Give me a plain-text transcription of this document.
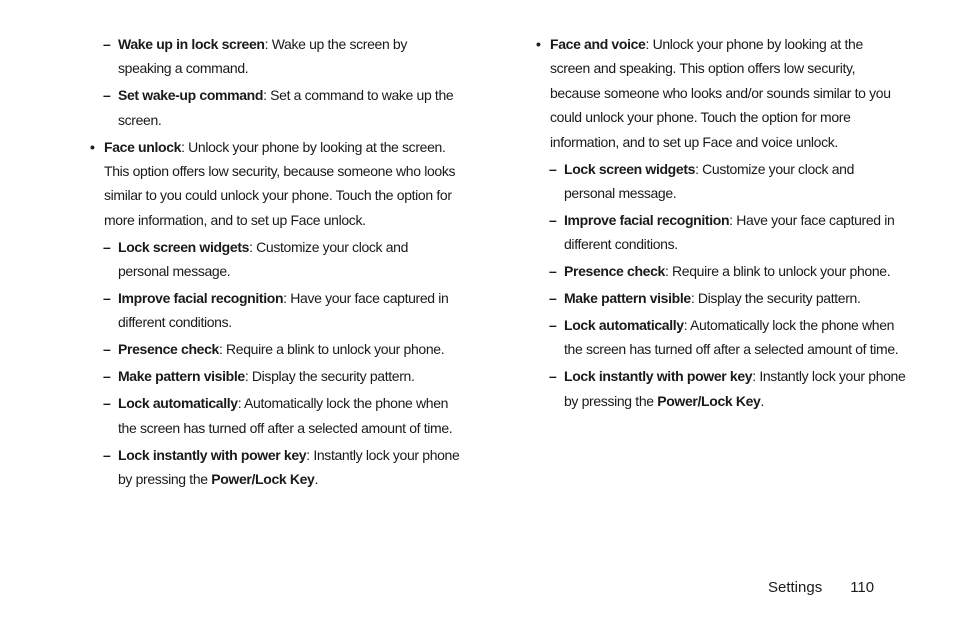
– Wake up in lock screen: Wake up the screen by speaking a command.
– Set wake-up command: Set a command to wake up the screen.
• Face unlock: Unlock your phone by looking at the screen. This option offers low security, because someone who looks similar to you could unlock your phone. Touch the option for more information, and to set up Face unlock.
– Lock screen widgets: Customize your clock and personal message.
– Improve facial recognition: Have your face captured in different conditions.
– Presence check: Require a blink to unlock your phone.
– Make pattern visible: Display the security pattern.
– Lock automatically: Automatically lock the phone when the screen has turned off after a selected amount of time.
– Lock instantly with power key: Instantly lock your phone by pressing the Power/Lock Key.
• Face and voice: Unlock your phone by looking at the screen and speaking. This option offers low security, because someone who looks and/or sounds similar to you could unlock your phone. Touch the option for more information, and to set up Face and voice unlock.
– Lock screen widgets: Customize your clock and personal message.
– Improve facial recognition: Have your face captured in different conditions.
– Presence check: Require a blink to unlock your phone.
– Make pattern visible: Display the security pattern.
– Lock automatically: Automatically lock the phone when the screen has turned off after a selected amount of time.
– Lock instantly with power key: Instantly lock your phone by pressing the Power/Lock Key.
Settings 110
